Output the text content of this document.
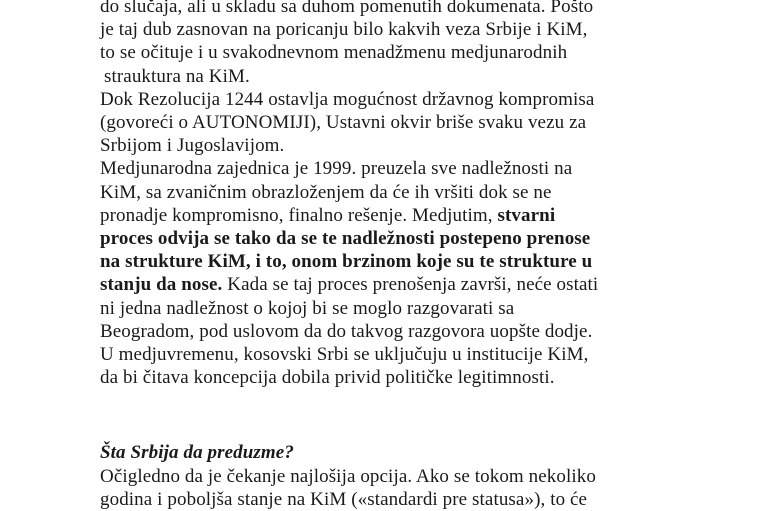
do slučaja, ali u skladu sa duhom pomenutih dokumenata. Pošto
je taj dub zasnovan na poricanju bilo kakvih veza Srbije i KiM,
to se očituje i u svakodnevnom menadžmenu medjunarodnih
strauktura na KiM.
Dok Rezolucija 1244 ostavlja mogućnost državnog kompromisa
(govoreći o AUTONOMIJI), Ustavni okvir briše svaku vezu za
Srbijom i Jugoslavijom.
Medjunarodna zajednica je 1999. preuzela sve nadležnosti na
KiM, sa zvaničnim obrazloženjem da će ih vršiti dok se ne
pronadje kompromisno, finalno rešenje. Medjutim, stvarni
proces odvija se tako da se te nadležnosti postepeno prenose
na strukture KiM, i to, onom brzinom koje su te strukture u
stanju da nose. Kada se taj proces prenošenja završi, neće ostati
ni jedna nadležnost o kojoj bi se moglo razgovarati sa
Beogradom, pod uslovom da do takvog razgovora uopšte dodje.
U medjuvremenu, kosovski Srbi se uključuju u institucije KiM,
da bi čitava koncepcija dobila privid političke legitimnosti.
Šta Srbija da preduzme?
Očigledno da je čekanje najlošija opcija. Ako se tokom nekoliko
godina i poboljša stanje na KiM («standardi pre statusa»), to će
